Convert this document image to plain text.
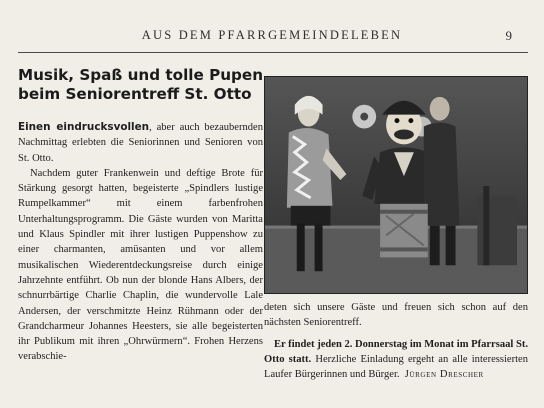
AUS DEM PFARRGEMEINDELEBEN	9
Musik, Spaß und tolle Pupen
beim Seniorentreff St. Otto

Einen eindrucksvollen, aber auch bezaubernden Nachmittag erlebten die Seniorinnen und Senioren von St. Otto.

Nachdem guter Frankenwein und deftige Brote für Stärkung gesorgt hatten, begeisterte „Spindlers lustige Rumpelkammer“ mit einem farbenfrohen Unterhaltungsprogramm. Die Gäste wurden von Maritta und Klaus Spindler mit ihrer lustigen Puppenshow zu einer charmanten, amüsanten und vor allem musikalischen Wiederentdeckungsreise durch einige Jahrzehnte entführt. Ob nun der blonde Hans Albers, der schnurrbärtige Charlie Chaplin, die wundervolle Lale Andersen, der verschmitzte Heinz Rühmann oder der Grandcharmeur Johannes Heesters, sie alle begeisterten ihr Publikum mit ihren „Ohrwürmern“. Frohen Herzens verabschie-

deten sich unsere Gäste und freuen sich schon auf den nächsten Seniorentreff.

Er findet jeden 2. Donnerstag im Monat im Pfarrsaal St. Otto statt. Herzliche Einladung ergeht an alle interessierten Laufer Bürgerinnen und Bürger. Jürgen Drescher
